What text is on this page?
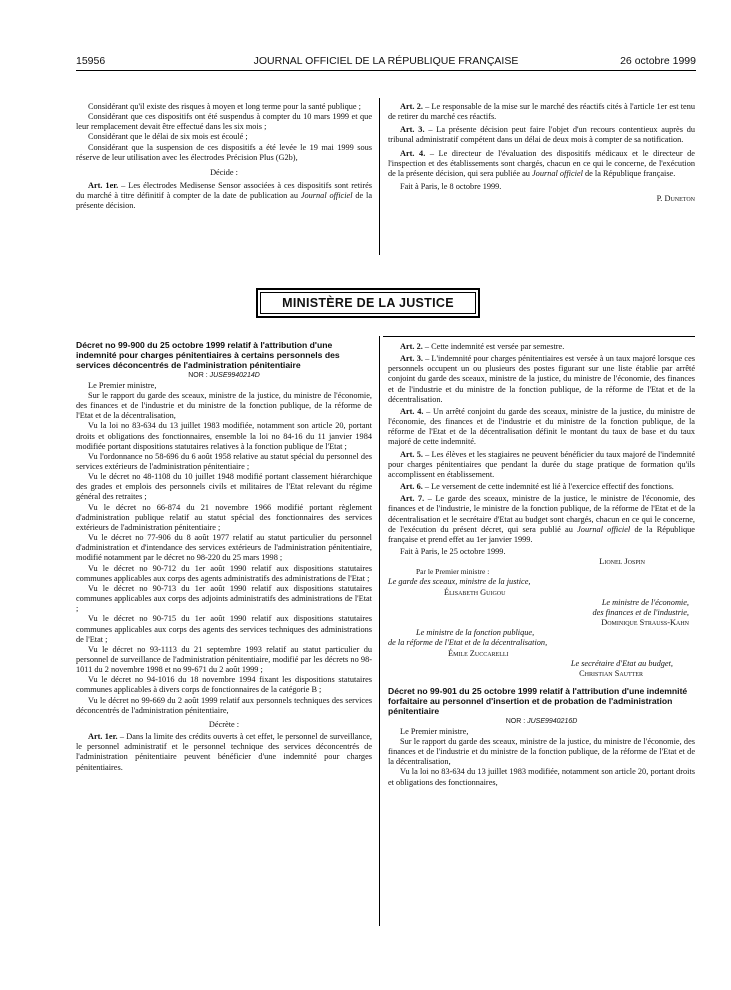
15956	JOURNAL OFFICIEL DE LA RÉPUBLIQUE FRANÇAISE	26 octobre 1999

Considérant qu'il existe des risques à moyen et long terme pour la santé publique ;

Considérant que ces dispositifs ont été suspendus à compter du 10 mars 1999 et que leur remplacement devait être effectué dans les six mois ;

Considérant que le délai de six mois est écoulé ;

Considérant que la suspension de ces dispositifs a été levée le 19 mai 1999 sous réserve de leur utilisation avec les électrodes Précision Plus (G2b),

Décide :

Art. 1er. – Les électrodes Medisense Sensor associées à ces dispositifs sont retirés du marché à titre définitif à compter de la date de publication au Journal officiel de la présente décision.

Art. 2. – Le responsable de la mise sur le marché des réactifs cités à l'article 1er est tenu de retirer du marché ces réactifs.

Art. 3. – La présente décision peut faire l'objet d'un recours contentieux auprès du tribunal administratif compétent dans un délai de deux mois à compter de sa notification.

Art. 4. – Le directeur de l'évaluation des dispositifs médicaux et le directeur de l'inspection et des établissements sont chargés, chacun en ce qui le concerne, de l'exécution de la présente décision, qui sera publiée au Journal officiel de la République française.

Fait à Paris, le 8 octobre 1999.

P. Duneton

MINISTÈRE DE LA JUSTICE

Décret no 99-900 du 25 octobre 1999 relatif à l'attribution d'une indemnité pour charges pénitentiaires à certains personnels des services déconcentrés de l'administration pénitentiaire

NOR : JUSE9940214D

Le Premier ministre,

Sur le rapport du garde des sceaux, ministre de la justice, du ministre de l'économie, des finances et de l'industrie et du ministre de la fonction publique, de la réforme de l'Etat et de la décentralisation,

Vu la loi no 83-634 du 13 juillet 1983 modifiée, notamment son article 20, portant droits et obligations des fonctionnaires, ensemble la loi no 84-16 du 11 janvier 1984 modifiée portant dispositions statutaires relatives à la fonction publique de l'Etat ;

Vu l'ordonnance no 58-696 du 6 août 1958 relative au statut spécial du personnel des services extérieurs de l'administration pénitentiaire ;

Vu le décret no 48-1108 du 10 juillet 1948 modifié portant classement hiérarchique des grades et emplois des personnels civils et militaires de l'Etat relevant du régime général des retraites ;

Vu le décret no 66-874 du 21 novembre 1966 modifié portant règlement d'administration publique relatif au statut spécial des fonctionnaires des services extérieurs de l'administration pénitentiaire ;

Vu le décret no 77-906 du 8 août 1977 relatif au statut particulier du personnel d'administration et d'intendance des services extérieurs de l'administration pénitentiaire, modifié notamment par le décret no 98-220 du 25 mars 1998 ;

Vu le décret no 90-712 du 1er août 1990 relatif aux dispositions statutaires communes applicables aux corps des agents administratifs des administrations de l'Etat ;

Vu le décret no 90-713 du 1er août 1990 relatif aux dispositions statutaires communes applicables aux corps des adjoints administratifs des administrations de l'Etat ;

Vu le décret no 90-715 du 1er août 1990 relatif aux dispositions statutaires communes applicables aux corps des agents des services techniques des administrations de l'Etat ;

Vu le décret no 93-1113 du 21 septembre 1993 relatif au statut particulier du personnel de surveillance de l'administration pénitentiaire, modifié par les décrets no 98-1011 du 2 novembre 1998 et no 99-671 du 2 août 1999 ;

Vu le décret no 94-1016 du 18 novembre 1994 fixant les dispositions statutaires communes applicables à divers corps de fonctionnaires de la catégorie B ;

Vu le décret no 99-669 du 2 août 1999 relatif aux personnels techniques des services déconcentrés de l'administration pénitentiaire,

Décrète :

Art. 1er. – Dans la limite des crédits ouverts à cet effet, le personnel de surveillance, le personnel administratif et le personnel technique des services déconcentrés de l'administration pénitentiaire peuvent bénéficier d'une indemnité pour charges pénitentiaires.

Art. 2. – Cette indemnité est versée par semestre.

Art. 3. – L'indemnité pour charges pénitentiaires est versée à un taux majoré lorsque ces personnels occupent un ou plusieurs des postes figurant sur une liste établie par arrêté conjoint du garde des sceaux, ministre de la justice, du ministre de l'économie, des finances et de l'industrie et du ministre de la fonction publique, de la réforme de l'Etat et de la décentralisation.

Art. 4. – Un arrêté conjoint du garde des sceaux, ministre de la justice, du ministre de l'économie, des finances et de l'industrie et du ministre de la fonction publique, de la réforme de l'Etat et de la décentralisation définit le montant du taux de base et du taux majoré de cette indemnité.

Art. 5. – Les élèves et les stagiaires ne peuvent bénéficier du taux majoré de l'indemnité pour charges pénitentiaires que pendant la durée du stage pratique de formation qu'ils accomplissent en établissement.

Art. 6. – Le versement de cette indemnité est lié à l'exercice effectif des fonctions.

Art. 7. – Le garde des sceaux, ministre de la justice, le ministre de l'économie, des finances et de l'industrie, le ministre de la fonction publique, de la réforme de l'Etat et de la décentralisation et le secrétaire d'Etat au budget sont chargés, chacun en ce qui le concerne, de l'exécution du présent décret, qui sera publié au Journal officiel de la République française et prend effet au 1er janvier 1999.

Fait à Paris, le 25 octobre 1999.

Lionel Jospin

Par le Premier ministre :

Le garde des sceaux, ministre de la justice,

Élisabeth Guigou

Le ministre de l'économie,

des finances et de l'industrie,

Dominique Strauss-Kahn

Le ministre de la fonction publique,

de la réforme de l'Etat et de la décentralisation,

Émile Zuccarelli

Le secrétaire d'Etat au budget,

Christian Sautter

Décret no 99-901 du 25 octobre 1999 relatif à l'attribution d'une indemnité forfaitaire au personnel d'insertion et de probation de l'administration pénitentiaire

NOR : JUSE9940216D

Le Premier ministre,

Sur le rapport du garde des sceaux, ministre de la justice, du ministre de l'économie, des finances et de l'industrie et du ministre de la fonction publique, de la réforme de l'Etat et de la décentralisation,

Vu la loi no 83-634 du 13 juillet 1983 modifiée, notamment son article 20, portant droits et obligations des fonctionnaires,
